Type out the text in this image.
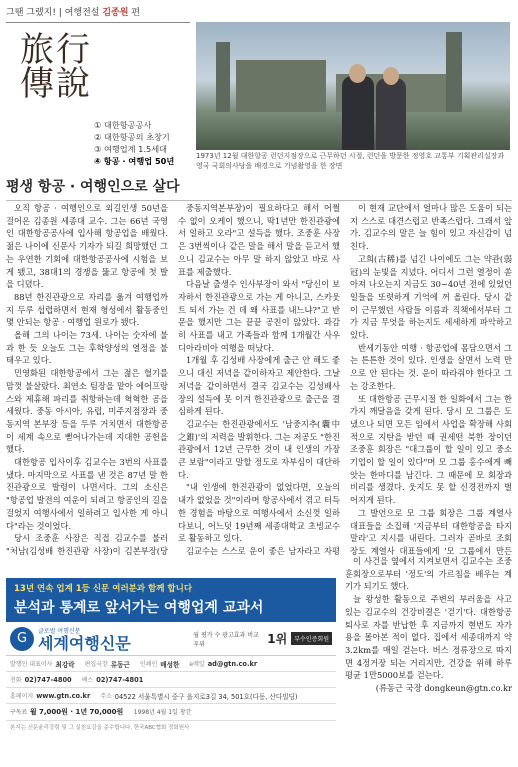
그땐 그랬지! | 여행전설 김종원 편
旅行
傳說
① 대한항공공사
② 대한항공의 초창기
③ 여행업계 1.5세대
④ 항공 · 여행업 50년	1973년 12월 대한항공 런던지점장으로 근무하던 시절, 런던을 방문한 정영호 교통부 기획관리실장과 영국 국회의사당을 배경으로 기념촬영을 한 장면
평생 항공 · 여행인으로 살다

오직 항공 · 여행인으로 외길인생 50년을 걸어온 김종원 세종대 교수. 그는 66년 국영인 대한항공공사에 입사해 항공업을 배웠다. 젊은 나이에 신문사 기자가 되길 희망했던 그는 우연한 기회에 대한항공공사에 시험을 보게 됐고, 38대1의 경쟁을 뚫고 항공에 첫 발을 디뎠다.

88년 한진관광으로 자리를 옮겨 여행업까지 두루 섭렵하면서 현재 형성에서 활동중인 몇 안되는 항공 · 여행업 원로가 됐다.

올해 그의 나이는 73세. 나이는 숫자에 불과 한 듯 오늘도 그는 후학양성의 열정을 불태우고 있다.

민영화된 대한항공에서 그는 젊은 혈기를 맘껏 불살랐다. 최연소 팀장을 맡아 에어프랑스와 제휴해 파리를 취항하는데 혁혁한 공을 세웠다. 중동 아시아, 유럽, 미주지점장과 중동지역 본부장 등을 두루 거치면서 대한항공이 세계 속으로 뻗어나가는데 지대한 공헌을 했다.

대한항공 입사이후 김교수는 3번의 사표를 냈다. 마지막으로 사표를 낸 것은 87년 말 한진관광으로 발령이 나면서다. 그의 소신은 "항공업 발전의 여운이 되려고 항공인의 길을 걸었지 여행사에서 일하려고 입사한 게 아니다"라는 것이었다.

당시 조중훈 사장은 직접 김교수를 불러 "처남(김성배 한진관광 사장)이 김본부장(당

중동지역본부장)이 필요하다고 해서 어쩔 수 없이 오케이 했으니, 딱1년만 한진관광에서 일하고 오라"고 설득을 했다. 조중훈 사장은 3번씩이나 같은 말을 해서 말을 듣고서 했으니 김교수는 아무 말 하지 않았고 바로 사표를 제출했다.

다음날 출생수 인사부장이 와서 "당신이 보자하서 한진관광으로 가는 게 아니고, 스카웃트 되서 가는 건 데 왜 사표를 내느냐?"고 반문을 했지만 그는 끝끝 공친이 않았다. 과감히 사표를 내고 가족들과 함께 1개월간 사우디아라비아 여행을 떠났다.

1개월 후 김성배 사장에게 출근 안 해도 좋으니 대신 저녁을 같이하자고 제안한다. 그날 저녁을 같이하면서 결국 김교수는 김성배사장의 설득에 못 이겨 한진관광으로 출근을 결심하게 된다.

김교수는 한진관광에서도 '남중지추(囊中之錐)'의 저력을 발휘한다. 그는 저공도 "한진관광에서 12년 근무한 것이 내 인생의 가장 큰 보람"이라고 말할 정도로 자부심이 대단하다.

"내 인생에 한진관광이 없었다면, 오늘의 내가 없었을 것"이라며 항공사에서 겪고 터득한 경험을 바탕으로 여행사에서 소신껏 일하다보니, 어느덧 19년째 세종대학교 초빙교수로 활동하고 있다.

김교수는 스스로 운이 좋은 남자라고 자평

이 현재 교단에서 얼마나 많은 도움이 되는지 스스로 대견스럽고 반족스럽다. 그래서 앞가. 김교수의 말은 늘 힘이 있고 자신감이 넘친다.

고희(古稀)를 넘긴 나이에도 그는 약관(弱冠)의 눈빛을 지녔다. 어디서 그런 열정이 쏟아져 나오는지 지금도 30~40년 전에 있었던 일들을 또렷하게 기억에 꺼 올린다. 당시 같이 근무했던 사람들 이름과 직책에서부터 그가 지금 무엇을 하는지도 세세하게 파악하고 있다.

반세기동안 여행 · 항공업에 몸담으면서 그는 튼튼한 것이 있다. 인생을 살면서 노력 만으로 안 된다는 것. 운이 따라줘야 한다고 그는 강조한다.

또 대한항공 근무시절 한 일화에서 그는 한 가지 깨달음을 갖게 된다. 당시 모 그룹은 도냈으나 되면 모든 임에서 사업을 확장해 사회적으로 지탄을 받던 때 권세떤 북한 장이던 조중훈 회장은 "대그룹이 할 일이 있고 중소기업이 할 일이 있다"며 모 그룹 홍수에게 빼앗는 한마디를 남긴다. 그 때문에 모 회장과 비리를 생겼다. 웃지도 못 할 신경전까지 벌어지게 된다.

그 발언으로 모 그룹 회장은 그룹 계열사 대표들을 소집해 '지금부터 대한항공을 타지 말라'고 지시를 내린다. 그러자 곧바로 조회장도 계열사 대표들에게 '모 그룹에서 만든

이 사건을 옆에서 지켜보면서 김교수는 조중훈회장으로부터 '정도'의 가르침을 배우는 계기가 되기도 했다.

늘 왕성한 활동으로 주변의 부러움을 사고 있는 김교수의 건강비결은 '걷기'다. 대한항공 퇴사로 자를 반납한 후 지금까지 현번도 자가용을 몰아본 적이 없다. 집에서 세종대까지 약 3.2km를 매일 걷는다. 버스 정류장으로 따지면 4정거장 되는 거리지만, 건강을 위해 하루 평균 1만5000보를 걷는다.

(류동근 국장 dongkeun@gtn.co.kr

13년 연속 업계 1등 신문 여러분과 함께 합니다
분석과 통계로 앞서가는 여행업계 교과서
G	글로벌 여행신문
세계여행신문	월 평가 수 광고효과 비교우위	1위	부수인증회원
발행인 대표이사 최강락 편집국장 류동근 인쇄인 배성한 e메일 ad@gtn.co.kr
전화 02)747-4800 팩스 02)747-4801
홈페이지 www.gtn.co.kr 주소 04522 서울특별시 중구 을지로3길 34, 501호(다동, 산다빌딩)
구독료 월 7,000원 · 1년 70,000원 1998년 4월 1일 창간
본지는 신문윤리강령 및 그 실천요강을 준수합니다. 한국ABC협회 정회원사
